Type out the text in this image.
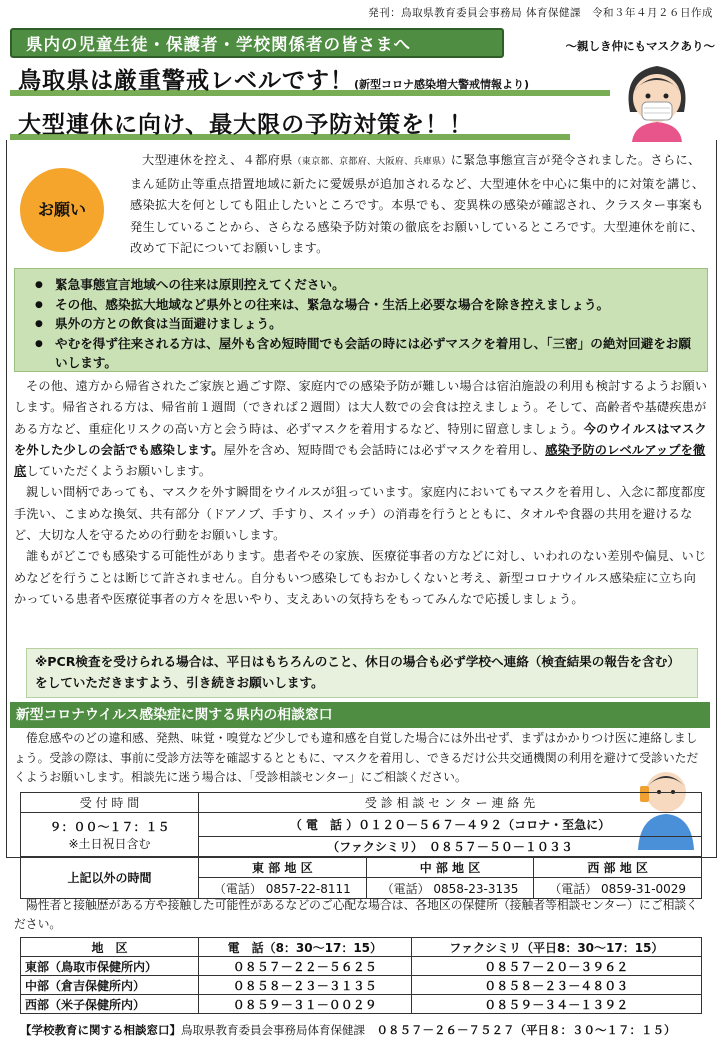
発刊：鳥取県教育委員会事務局 体育保健課　令和３年４月２６日作成
県内の児童生徒・保護者・学校関係者の皆さまへ	～親しき仲にもマスクあり～
鳥取県は厳重警戒レベルです！(新型コロナ感染増大警戒情報より)
大型連休に向け、最大限の予防対策を！！
お願い
大型連休を控え、４都府県（東京都、京都府、大阪府、兵庫県）に緊急事態宣言が発令されました。さらに、まん延防止等重点措置地域に新たに愛媛県が追加されるなど、大型連休を中心に集中的に対策を講じ、感染拡大を何としても阻止したいところです。本県でも、変異株の感染が確認され、クラスター事案も発生していることから、さらなる感染予防対策の徹底をお願いしているところです。大型連休を前に、改めて下記についてお願いします。
● 緊急事態宣言地域への往来は原則控えてください。
● その他、感染拡大地域など県外との往来は、緊急な場合・生活上必要な場合を除き控えましょう。
● 県外の方との飲食は当面避けましょう。
● やむを得ず往来される方は、屋外も含め短時間でも会話の時には必ずマスクを着用し、「三密」の絶対回避をお願いします。

その他、遠方から帰省されたご家族と過ごす際、家庭内での感染予防が難しい場合は宿泊施設の利用も検討するようお願いします。帰省される方は、帰省前１週間（できれば２週間）は大人数での会食は控えましょう。そして、高齢者や基礎疾患がある方など、重症化リスクの高い方と会う時は、必ずマスクを着用するなど、特別に留意しましょう。今のウイルスはマスクを外した少しの会話でも感染します。屋外を含め、短時間でも会話時には必ずマスクを着用し、感染予防のレベルアップを徹底していただくようお願いします。

親しい間柄であっても、マスクを外す瞬間をウイルスが狙っています。家庭内においてもマスクを着用し、入念に都度都度手洗い、こまめな換気、共有部分（ドアノブ、手すり、スイッチ）の消毒を行うとともに、タオルや食器の共用を避けるなど、大切な人を守るための行動をお願いします。

誰もがどこでも感染する可能性があります。患者やその家族、医療従事者の方などに対し、いわれのない差別や偏見、いじめなどを行うことは断じて許されません。自分もいつ感染してもおかしくないと考え、新型コロナウイルス感染症に立ち向かっている患者や医療従事者の方々を思いやり、支えあいの気持ちをもってみんなで応援しましょう。

※PCR検査を受けられる場合は、平日はもちろんのこと、休日の場合も必ず学校へ連絡（検査結果の報告を含む）をしていただきますよう、引き続きお願いします。
新型コロナウイルス感染症に関する県内の相談窓口
倦怠感やのどの違和感、発熱、味覚・嗅覚など少しでも違和感を自覚した場合には外出せず、まずはかかりつけ医に連絡しましょう。受診の際は、事前に受診方法等を確認するとともに、マスクを着用し、できるだけ公共交通機関の利用を避けて受診いただくようお願いします。相談先に迷う場合は、「受診相談センター」にご相談ください。
受 付 時 間	受 診 相 談 セ ン タ ー 連 絡 先		

９：００～１７：１５
※土日祝日含む	（ 電　話 ）０１２０－５６７－４９２（コロナ・至急に）		
	（ファクシミリ）　０８５７－５０－１０３３		
上記以外の時間	東 部 地 区	中 部 地 区	西 部 地 区
	（電話） 0857-22-8111	（電話） 0858-23-3135	（電話） 0859-31-0029
陽性者と接触歴がある方や接触した可能性があるなどのご心配な場合は、各地区の保健所（接触者等相談センター）にご相談ください。
地　区	電　話（8：30～17：15）	ファクシミリ（平日8：30～17：15）
東部（鳥取市保健所内）	０８５７－２２－５６２５	０８５７－２０－３９６２
中部（倉吉保健所内）	０８５８－２３－３１３５	０８５８－２３－４８０３
西部（米子保健所内）	０８５９－３１－００２９	０８５９－３４－１３９２
【学校教育に関する相談窓口】鳥取県教育委員会事務局体育保健課　 ０８５７－２６－７５２７（平日８：３０～１７：１５）
